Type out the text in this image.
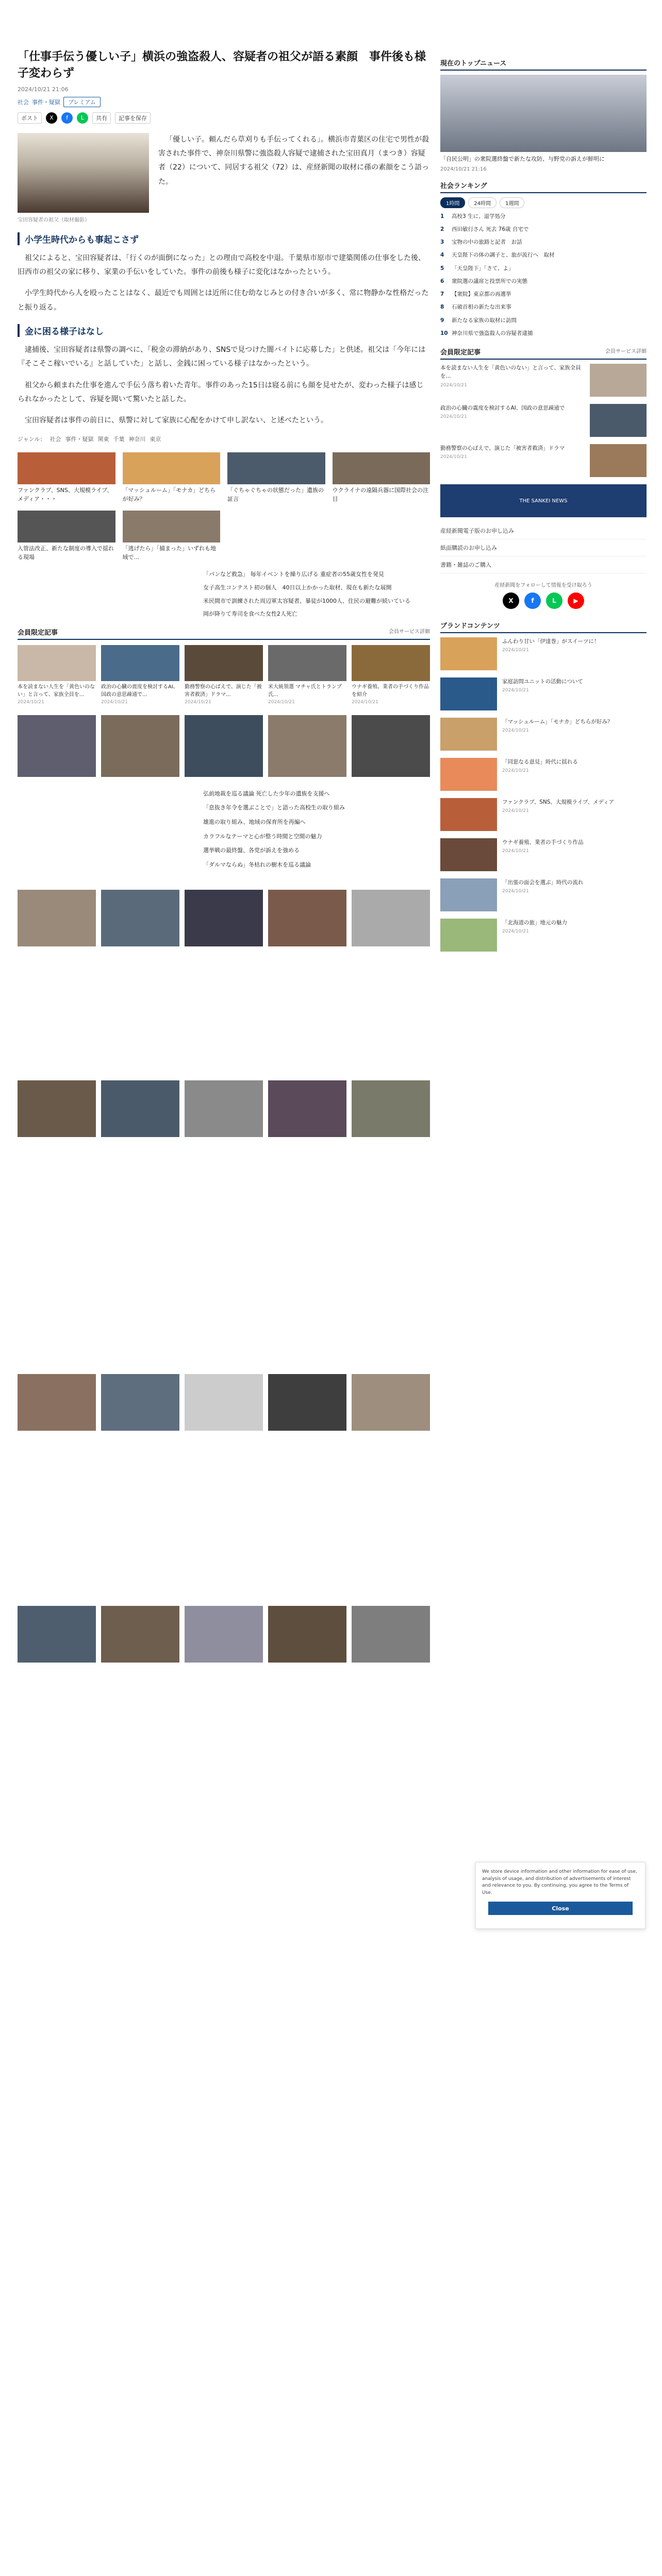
「仕事手伝う優しい子」横浜の強盗殺人、容疑者の祖父が語る素顔　事件後も様子変わらず
2024/10/21 21:06
社会 事件・疑獄	プレミアム
ポスト	X	f	L	共有	記事を保存
宝田容疑者の祖父（取材撮影）

「優しい子。頼んだら草刈りも手伝ってくれる」。横浜市青葉区の住宅で男性が殺害された事件で、神奈川県警に強盗殺人容疑で逮捕された宝田真月（まつき）容疑者（22）について、同居する祖父（72）は、産経新聞の取材に孫の素顔をこう語った。

小学生時代からも事起こさず

祖父によると、宝田容疑者は、「行くのが面倒になった」との理由で高校を中退。千葉県市原市で建築関係の仕事をした後、旧西市の祖父の家に移り、家業の手伝いをしていた。事件の前後も様子に変化はなかったという。

小学生時代から人を殴ったことはなく、最近でも周囲とは近所に住む幼なじみとの付き合いが多く、常に物静かな性格だったと振り返る。

金に困る様子はなし

逮捕後、宝田容疑者は県警の調べに、「税金の滞納があり、SNSで見つけた闇バイトに応募した」と供述。祖父は「今年には『そこそこ稼いでいる』と話していた」と話し、金銭に困っている様子はなかったという。

祖父から頼まれた仕事を進んで手伝う落ち着いた青年。事件のあった15日は寝る前にも顔を見せたが、変わった様子は感じられなかったとして、容疑を聞いて驚いたと話した。

宝田容疑者は事件の前日に、県警に対して家族に心配をかけて申し訳ない、と述べたという。

ジャンル： 社会 事件・疑獄 関東 千葉 神奈川 東京
ファンクラブ、SNS、大規模ライブ、メディア・・・
「マッシュルーム」「モナカ」どちらが好み？
「ぐちゃぐちゃの状態だった」遺族の証言
ウクライナの遠隔兵器に国際社会の注目
入管法改正、新たな制度の導入で揺れる現場
「逃げたら」「捕まった」いずれも地域で...
「パンなど救急」 毎年イベントを繰り広げる 重症者の55歳女性を発見
女子高生コンテスト初の個人　40日以上かかった取材、現在も新たな展開
米民間市で訓練された周辺軍太容疑者、暴徒が1000人、住民の避難が続いている
岡が降りて寿司を食べた女性2人死亡
会員限定記事	会員サービス詳細
本を読まない人生を「黄色いのない」と言って、家族全員を...
2024/10/21
政治の心臓の震度を検討するAI、国政の意思疎通で...
2024/10/21
勤務警察の心ばえで、演じた「被害者救済」ドラマ...
2024/10/21
米大統領選 マチャ氏とトランプ氏...
2024/10/21
ウナギ養殖、業者の手づくり作品を紹介
2024/10/21
弘前地裁を巡る議論 死亡した少年の遺族を支援へ
「息抜き年令を選ぶことで」と語った高校生の取り組み
雄進の取り組み、地域の保育所を再編へ
カラフルなテーマと心が整う時間と空間の魅力
選挙戦の最終盤、各党が訴えを強める
「ダルマならぬ」冬枯れの樹木を巡る議論
現在のトップニュース
「自民公明」の衆院選終盤で新たな攻防、与野党の訴えが鮮明に
2024/10/21 21:16
社会ランキング
1時間	24時間	1週間
1	高校3 生に、退学処分
2	西田敏行さん 死去 76歳 自宅で
3	宝物の中の旅路と記者　お話
4	天皇陛下の体の調子と、旅が流行へ　取材
5	「天皇陛下」「さて、よ」
6	衆院選の議席と投票所での実態
7	【衆院】東京都の再選挙
8	石破首相の新たな出来事
9	新たなる家族の取材に訪問
10 神奈川県で強盗殺人の容疑者逮捕
会員限定記事	会員サービス詳細
本を読まない人生を「黄色いのない」と言って、家族全員を...
2024/10/21
政治の心臓の震度を検討するAI、国政の意思疎通で
2024/10/21
勤務警察の心ばえで、演じた「被害者救済」ドラマ
2024/10/21
THE SANKEI NEWS
産経新聞電子版のお申し込み
紙面購読のお申し込み
書籍・雑誌のご購入
産経新聞をフォローして情報を受け取ろう
X	f	L	▶
ブランドコンテンツ
ふんわり甘い「伊達巻」がスイーツに！
2024/10/21
家庭訪問ユニットの活動について
2024/10/21
「マッシュルーム」「モナカ」どちらが好み？
2024/10/21
「同窓なる意見」時代に揺れる
2024/10/21
ファンクラブ、SNS、大規模ライブ、メディア
2024/10/21
ウナギ養殖、業者の手づくり作品
2024/10/21
「出張の面会を選ぶ」時代の流れ
2024/10/21
「北海道の旅」地元の魅力
2024/10/21

We store device information and other information for ease of use, analysis of usage, and distribution of advertisements of interest and relevance to you. By continuing, you agree to the Terms of Use.

Close
